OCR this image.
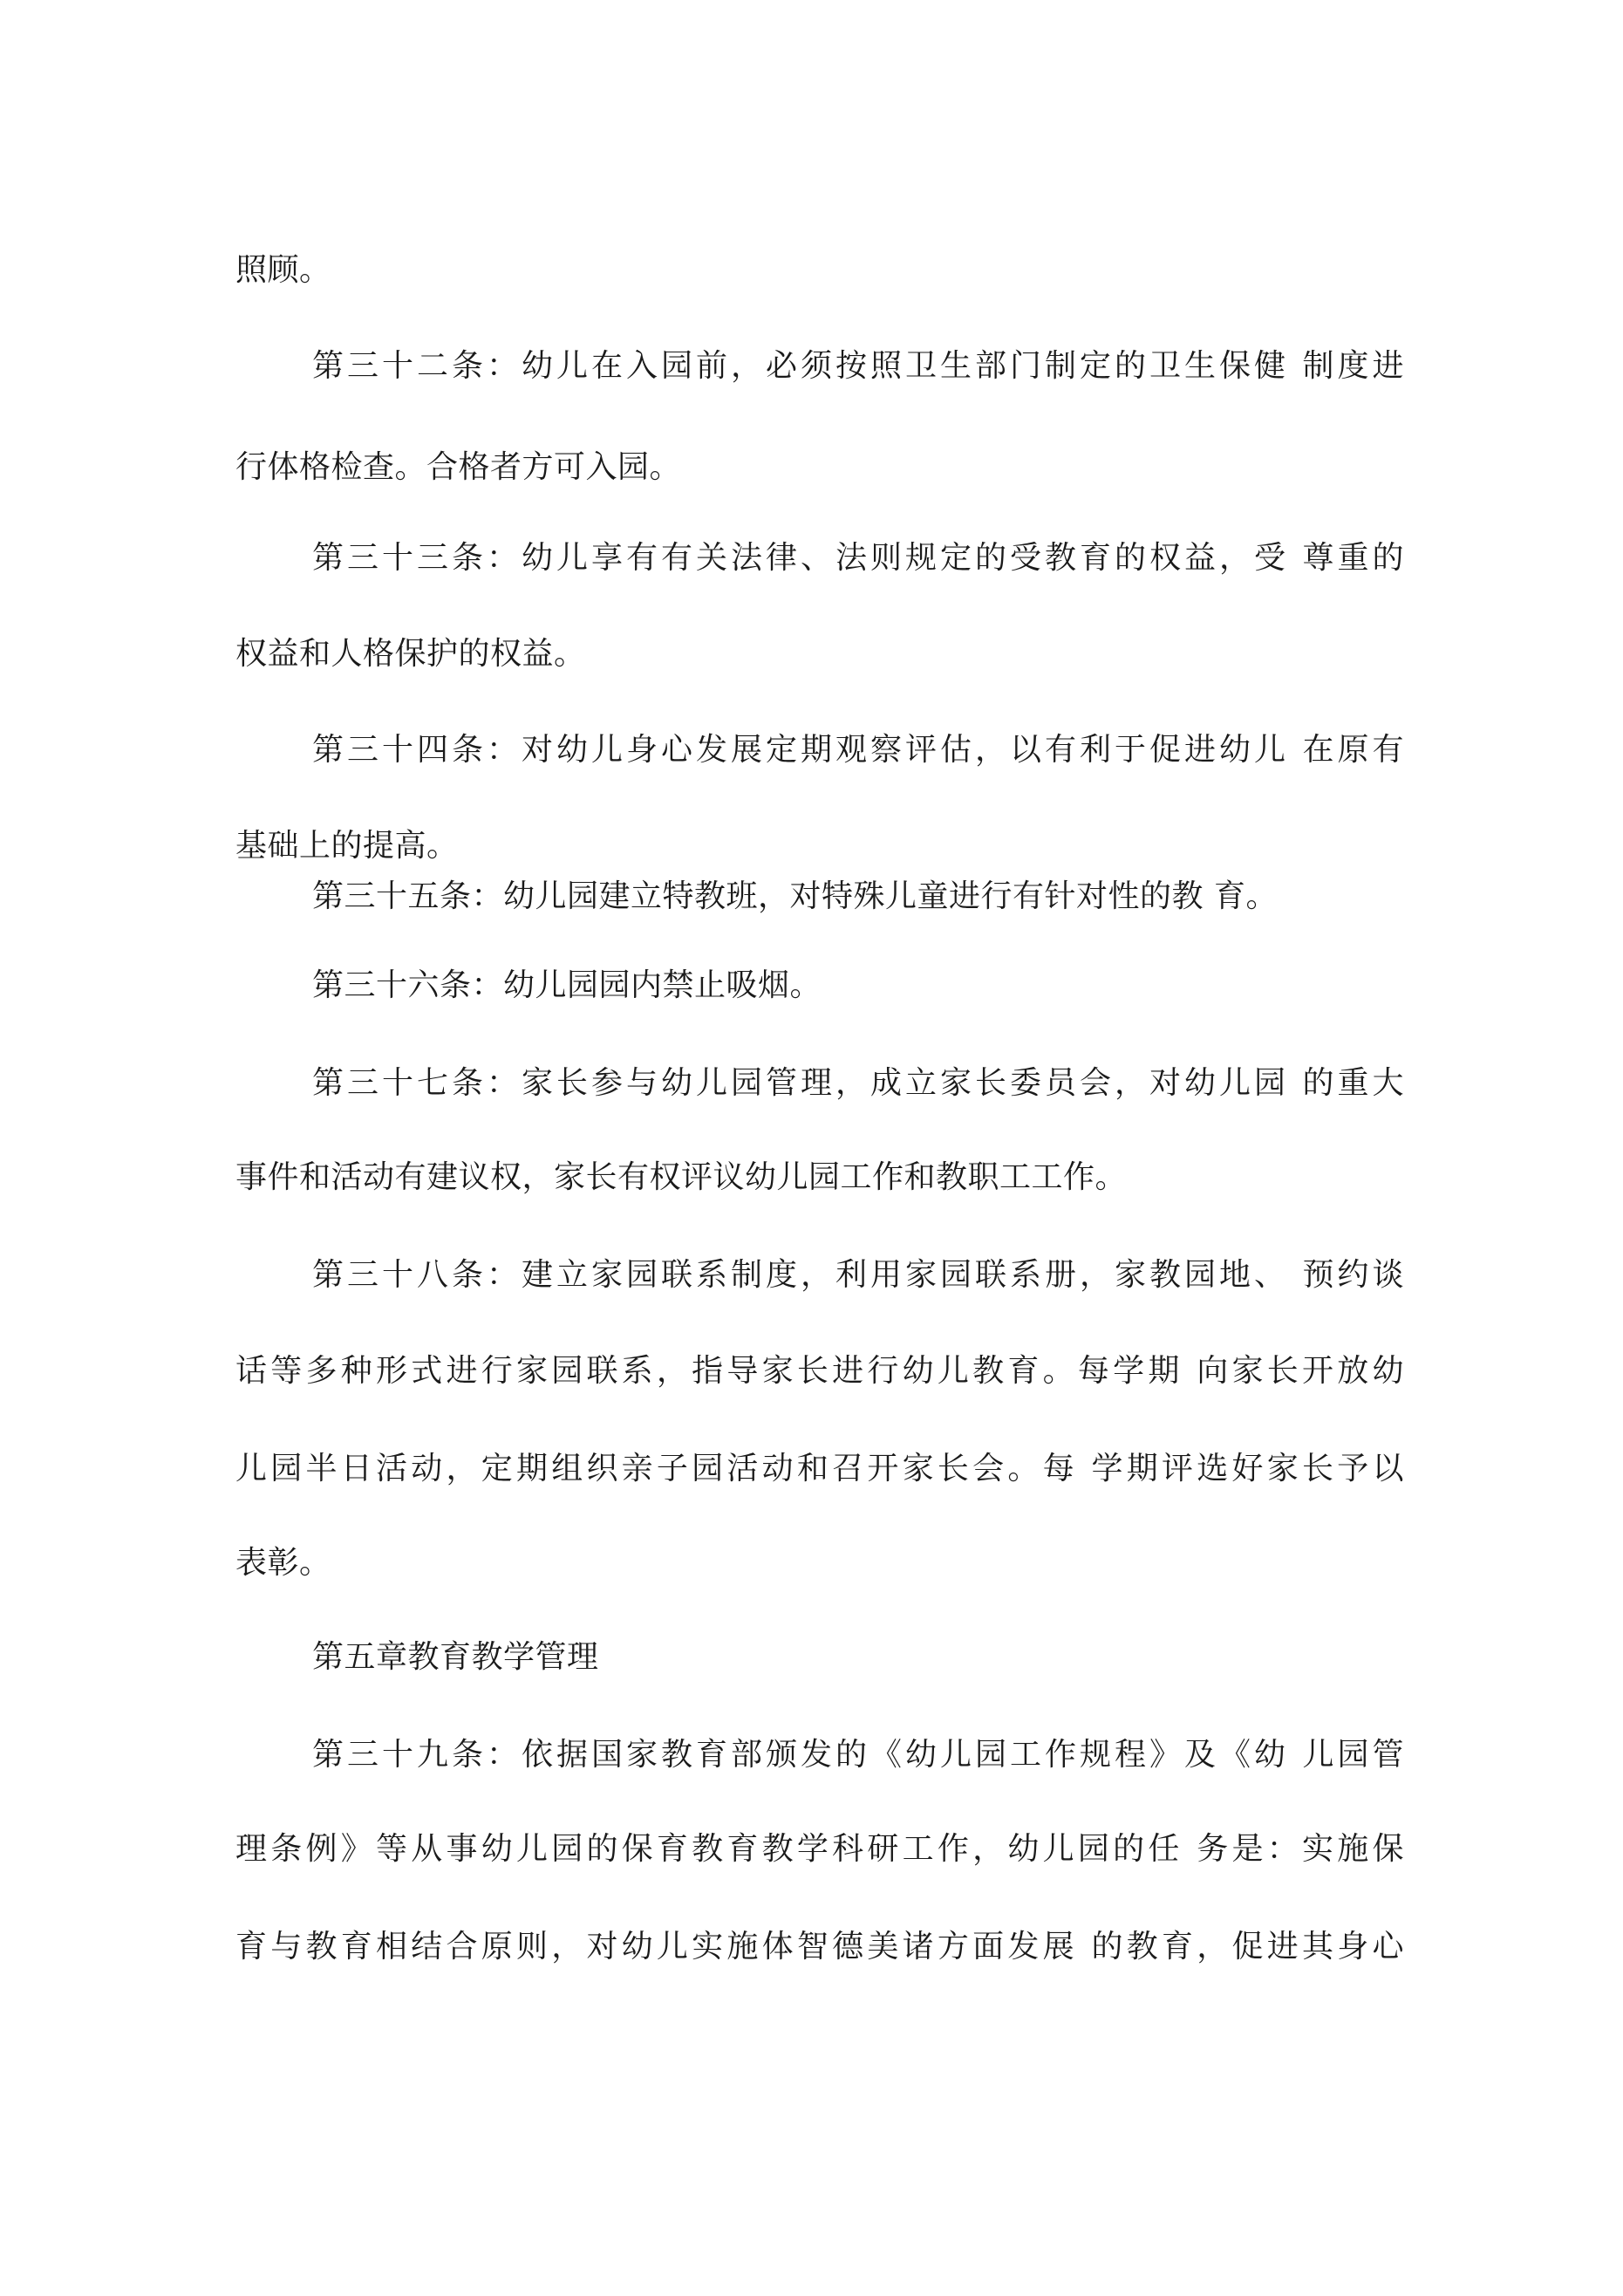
照顾。
第三十二条：幼儿在入园前，必须按照卫生部门制定的卫生保健 制度进
行体格检查。合格者方可入园。
第三十三条：幼儿享有有关法律、法则规定的受教育的权益，受 尊重的
权益和人格保护的权益。
第三十四条：对幼儿身心发展定期观察评估，以有利于促进幼儿 在原有
基础上的提高。
第三十五条：幼儿园建立特教班，对特殊儿童进行有针对性的教 育。
第三十六条：幼儿园园内禁止吸烟。
第三十七条：家长参与幼儿园管理，成立家长委员会，对幼儿园 的重大
事件和活动有建议权，家长有权评议幼儿园工作和教职工工作。
第三十八条：建立家园联系制度，利用家园联系册，家教园地、 预约谈
话等多种形式进行家园联系，指导家长进行幼儿教育。每学期 向家长开放幼
儿园半日活动，定期组织亲子园活动和召开家长会。每 学期评选好家长予以
表彰。
第五章教育教学管理
第三十九条：依据国家教育部颁发的《幼儿园工作规程》及《幼 儿园管
理条例》等从事幼儿园的保育教育教学科研工作，幼儿园的任 务是：实施保
育与教育相结合原则，对幼儿实施体智德美诸方面发展 的教育，促进其身心
